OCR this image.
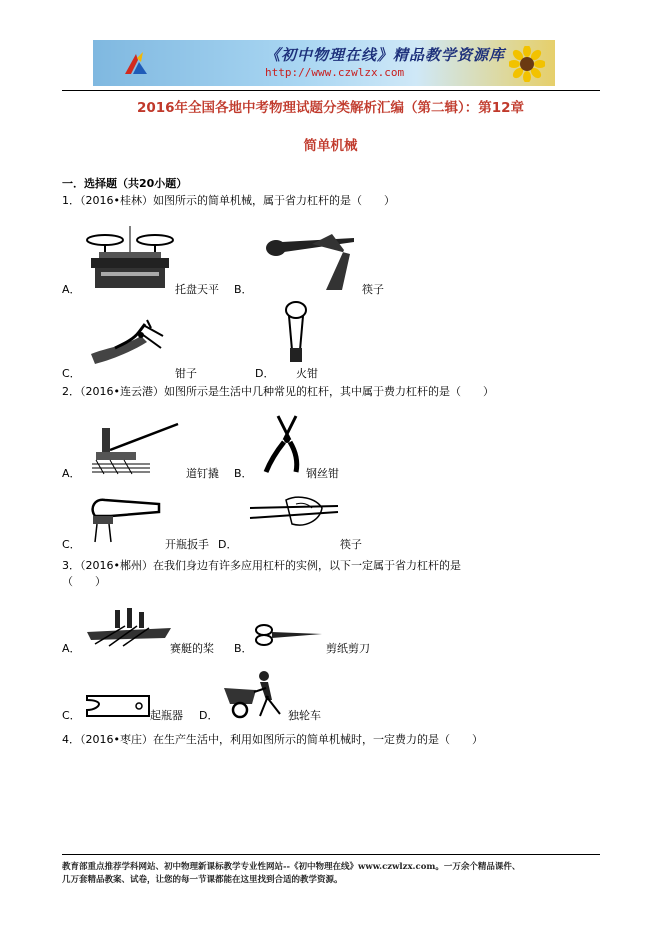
《初中物理在线》精品教学资源库
http://www.czwlzx.com
2016年全国各地中考物理试题分类解析汇编（第二辑）：第12章
简单机械
一．选择题（共20小题）
1．（2016•桂林）如图所示的简单机械，属于省力杠杆的是（　　）
A．	托盘天平 B．	筷子
C．	钳子	D． 火钳
2．（2016•连云港）如图所示是生活中几种常见的杠杆，其中属于费力杠杆的是（　　）
A．	道钉撬 B．	钢丝钳
C．	开瓶扳手 D．	筷子
3．（2016•郴州）在我们身边有许多应用杠杆的实例，以下一定属于省力杠杆的是
（　　）
A．	赛艇的桨 B．	剪纸剪刀
C．	起瓶器 D．	独轮车
4．（2016•枣庄）在生产生活中，利用如图所示的简单机械时，一定费力的是（　　）
教育部重点推荐学科网站、初中物理新课标教学专业性网站--《初中物理在线》www.czwlzx.com。一万余个精品课件、
几万套精品教案、试卷，让您的每一节课都能在这里找到合适的教学资源。
